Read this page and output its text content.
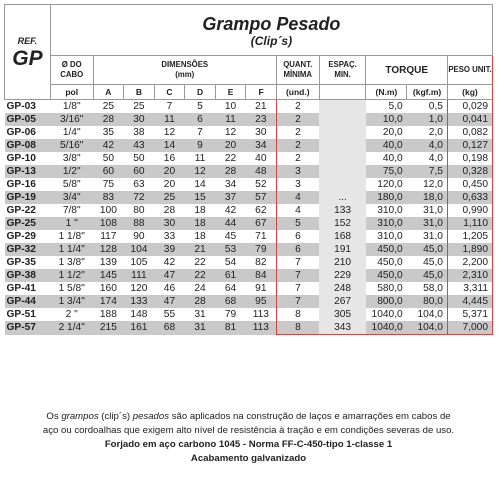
REF.
GP	Grampo Pesado
(Clip´s)											

	Ø DO CABO	DIMENSÕES
(mm)						QUANT. MÍNIMA	ESPAÇ. MIN.	TORQUE		PESO UNIT.
	pol	A	B	C	D	E	F	(und.)		(N.m)	(kgf.m)	(kg)
GP-03	1/8"	25	25	7	5	10	21	2		5,0	0,5	0,029
GP-05	3/16"	28	30	11	6	11	23	2		10,0	1,0	0,041
GP-06	1/4"	35	38	12	7	12	30	2		20,0	2,0	0,082
GP-08	5/16"	42	43	14	9	20	34	2		40,0	4,0	0,127
GP-10	3/8"	50	50	16	11	22	40	2		40,0	4,0	0,198
GP-13	1/2"	60	60	20	12	28	48	3		75,0	7,5	0,328
GP-16	5/8"	75	63	20	14	34	52	3		120,0	12,0	0,450
GP-19	3/4"	83	72	25	15	37	57	4	...	180,0	18,0	0,633
GP-22	7/8"	100	80	28	18	42	62	4	133	310,0	31,0	0,990
GP-25	1 "	108	88	30	18	44	67	5	152	310,0	31,0	1,110
GP-29	1 1/8"	117	90	33	18	45	71	6	168	310,0	31,0	1,205
GP-32	1 1/4"	128	104	39	21	53	79	6	191	450,0	45,0	1,890
GP-35	1 3/8"	139	105	42	22	54	82	7	210	450,0	45,0	2,200
GP-38	1 1/2"	145	111	47	22	61	84	7	229	450,0	45,0	2,310
GP-41	1 5/8"	160	120	46	24	64	91	7	248	580,0	58,0	3,311
GP-44	1 3/4"	174	133	47	28	68	95	7	267	800,0	80,0	4,445
GP-51	2 "	188	148	55	31	79	113	8	305	1040,0	104,0	5,371
GP-57	2 1/4"	215	161	68	31	81	113	8	343	1040,0	104,0	7,000
Os grampos (clip´s) pesados são aplicados na construção de laços e amarrações em cabos de
aço ou cordoalhas que exigem alto nível de resistência à tração e em condições severas de uso.
Forjado em aço carbono 1045 - Norma FF-C-450-tipo 1-classe 1
Acabamento galvanizado
